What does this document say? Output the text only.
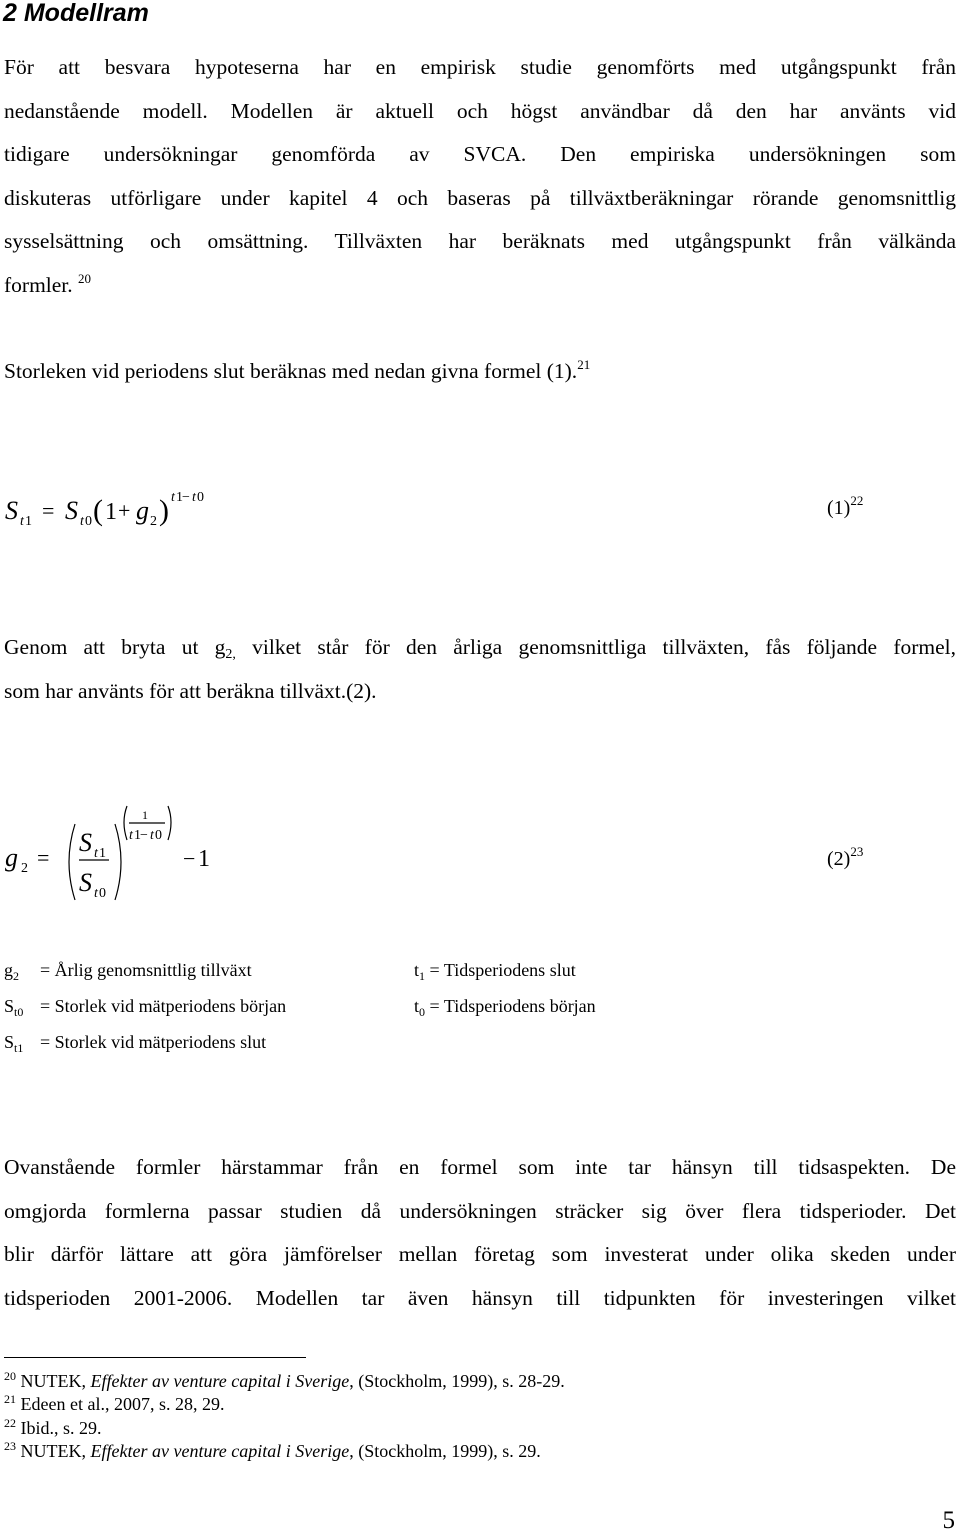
2 Modellram
För att besvara hypoteserna har en empirisk studie genomförts med utgångspunkt från
nedanstående modell. Modellen är aktuell och högst användbar då den har använts vid
tidigare undersökningar genomförda av SVCA. Den empiriska undersökningen som
diskuteras utförligare under kapitel 4 och baseras på tillväxtberäkningar rörande genomsnittlig
sysselsättning och omsättning. Tillväxten har beräknats med utgångspunkt från välkända
formler. $^{20}$
Storleken vid periodens slut beräknas med nedan givna formel (1).$^{21}$
S t 1 = S t 0 ( 1 + g 2 ) t 1 − t 0	(1)$^{22}$
Genom att bryta ut $g_{2,}$ vilket står för den årliga genomsnittliga tillväxten, fås följande formel,
som har använts för att beräkna tillväxt.(2).
g 2 =
S t 1
S t 0
1
t 1 − t 0
− 1	(2)$^{23}$
$g_2$ = Årlig genomsnittlig tillväxt
$S_{t0}$ = Storlek vid mätperiodens början
$S_{t1}$ = Storlek vid mätperiodens slut
$t_1$ = Tidsperiodens slut
$t_0$ = Tidsperiodens början
Ovanstående formler härstammar från en formel som inte tar hänsyn till tidsaspekten. De
omgjorda formlerna passar studien då undersökningen sträcker sig över flera tidsperioder. Det
blir därför lättare att göra jämförelser mellan företag som investerat under olika skeden under
tidsperioden 2001-2006. Modellen tar även hänsyn till tidpunkten för investeringen vilket
$^{20}$ NUTEK, Effekter av venture capital i Sverige, (Stockholm, 1999), s. 28-29.
$^{21}$ Edeen et al., 2007, s. 28, 29.
$^{22}$ Ibid., s. 29.
$^{23}$ NUTEK, Effekter av venture capital i Sverige, (Stockholm, 1999), s. 29.
5
